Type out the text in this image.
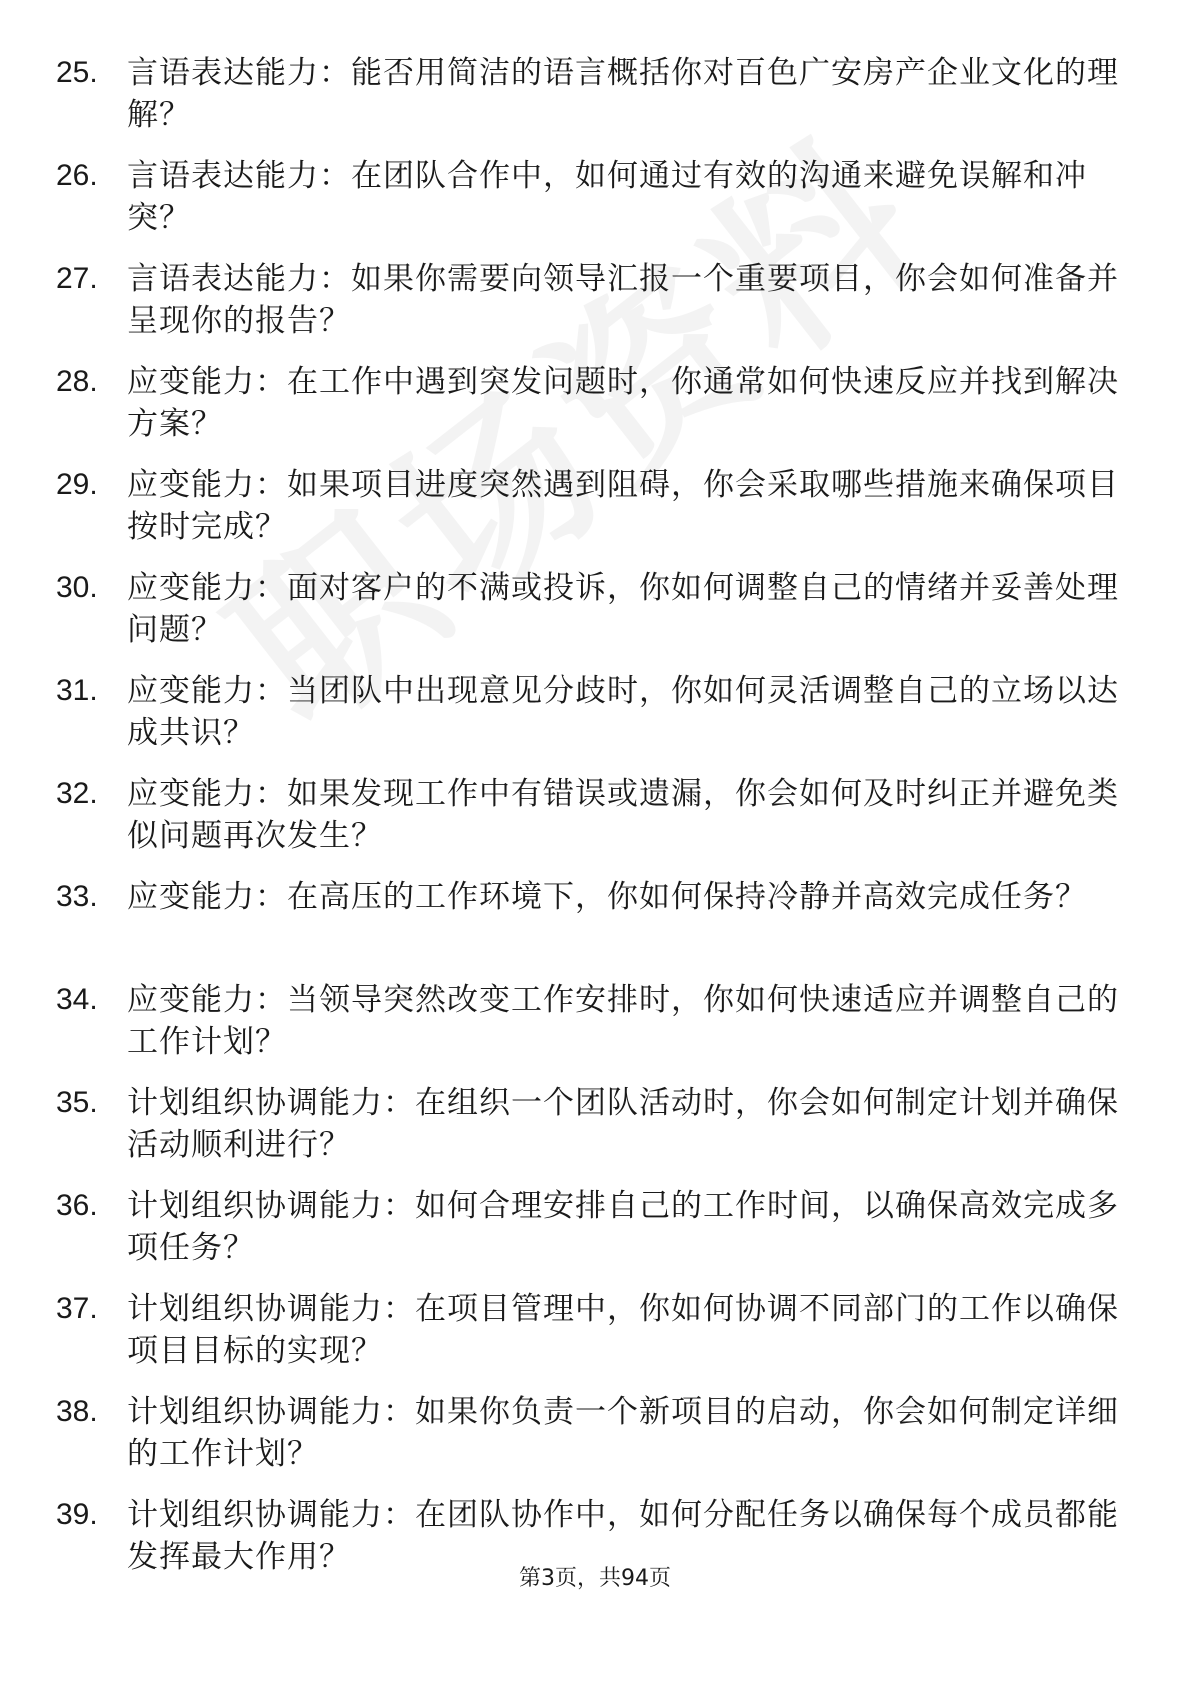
25. 言语表达能力：能否用简洁的语言概括你对百色广安房产企业文化的理解？
26. 言语表达能力：在团队合作中，如何通过有效的沟通来避免误解和冲突？
27. 言语表达能力：如果你需要向领导汇报一个重要项目，你会如何准备并呈现你的报告？
28. 应变能力：在工作中遇到突发问题时，你通常如何快速反应并找到解决方案？
29. 应变能力：如果项目进度突然遇到阻碍，你会采取哪些措施来确保项目按时完成？
30. 应变能力：面对客户的不满或投诉，你如何调整自己的情绪并妥善处理问题？
31. 应变能力：当团队中出现意见分歧时，你如何灵活调整自己的立场以达成共识？
32. 应变能力：如果发现工作中有错误或遗漏，你会如何及时纠正并避免类似问题再次发生？
33. 应变能力：在高压的工作环境下，你如何保持冷静并高效完成任务？
34. 应变能力：当领导突然改变工作安排时，你如何快速适应并调整自己的工作计划？
35. 计划组织协调能力：在组织一个团队活动时，你会如何制定计划并确保活动顺利进行？
36. 计划组织协调能力：如何合理安排自己的工作时间，以确保高效完成多项任务？
37. 计划组织协调能力：在项目管理中，你如何协调不同部门的工作以确保项目目标的实现？
38. 计划组织协调能力：如果你负责一个新项目的启动，你会如何制定详细的工作计划？
39. 计划组织协调能力：在团队协作中，如何分配任务以确保每个成员都能发挥最大作用？
第3页，共94页
